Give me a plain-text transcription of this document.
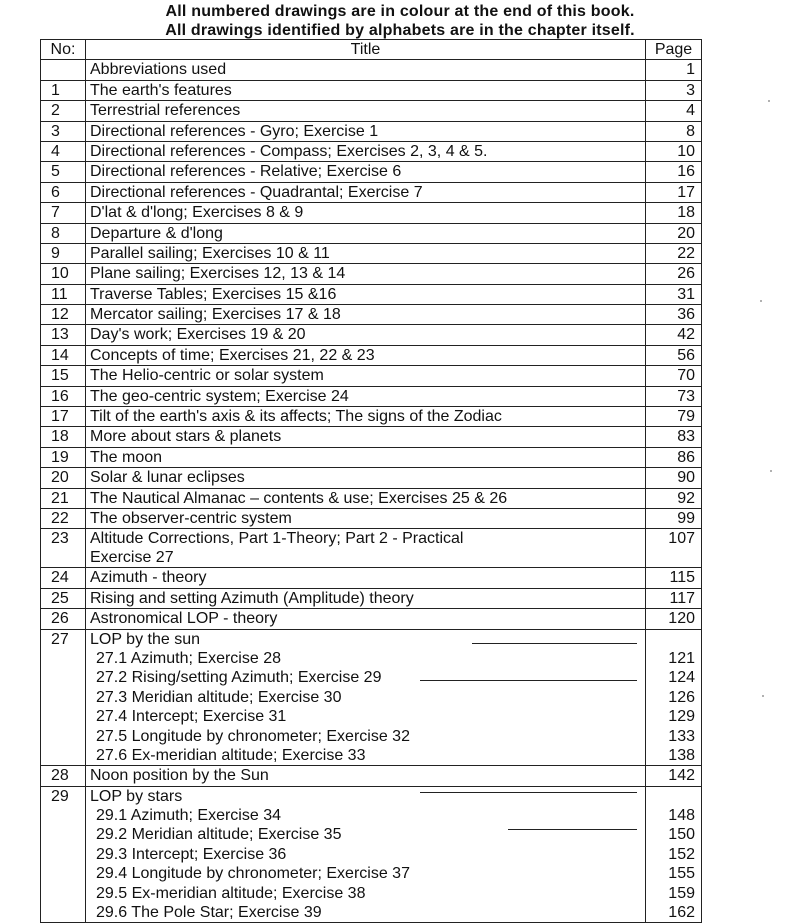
All numbered drawings are in colour at the end of this book.
All drawings identified by alphabets are in the chapter itself.
No:	Title	Page
	Abbreviations used	1
1	The earth's features	3
2	Terrestrial references	4
3	Directional references - Gyro; Exercise 1	8
4	Directional references - Compass; Exercises 2, 3, 4 & 5.	10
5	Directional references - Relative; Exercise 6	16
6	Directional references - Quadrantal; Exercise 7	17
7	D'lat & d'long; Exercises 8 & 9	18
8	Departure & d'long	20
9	Parallel sailing; Exercises 10 & 11	22
10	Plane sailing; Exercises 12, 13 & 14	26
11	Traverse Tables; Exercises 15 &16	31
12	Mercator sailing; Exercises 17 & 18	36
13	Day's work; Exercises 19 & 20	42
14	Concepts of time; Exercises 21, 22 & 23	56
15	The Helio-centric or solar system	70
16	The geo-centric system; Exercise 24	73
17	Tilt of the earth's axis & its affects; The signs of the Zodiac	79
18	More about stars & planets	83
19	The moon	86
20	Solar & lunar eclipses	90
21	The Nautical Almanac – contents & use; Exercises 25 & 26	92
22	The observer-centric system	99
23	Altitude Corrections, Part 1-Theory; Part 2 - Practical
Exercise 27	107
24	Azimuth - theory	115
25	Rising and setting Azimuth (Amplitude) theory	117
26	Astronomical LOP - theory	120
27	LOP by the sun	
	27.1 Azimuth; Exercise 28	121
	27.2 Rising/setting Azimuth; Exercise 29	124
	27.3 Meridian altitude; Exercise 30	126
	27.4 Intercept; Exercise 31	129
	27.5 Longitude by chronometer; Exercise 32	133
	27.6 Ex-meridian altitude; Exercise 33	138
28	Noon position by the Sun	142
29	LOP by stars	
	29.1 Azimuth; Exercise 34	148
	29.2 Meridian altitude; Exercise 35	150
	29.3 Intercept; Exercise 36	152
	29.4 Longitude by chronometer; Exercise 37	155
	29.5 Ex-meridian altitude; Exercise 38	159
	29.6 The Pole Star; Exercise 39	162
